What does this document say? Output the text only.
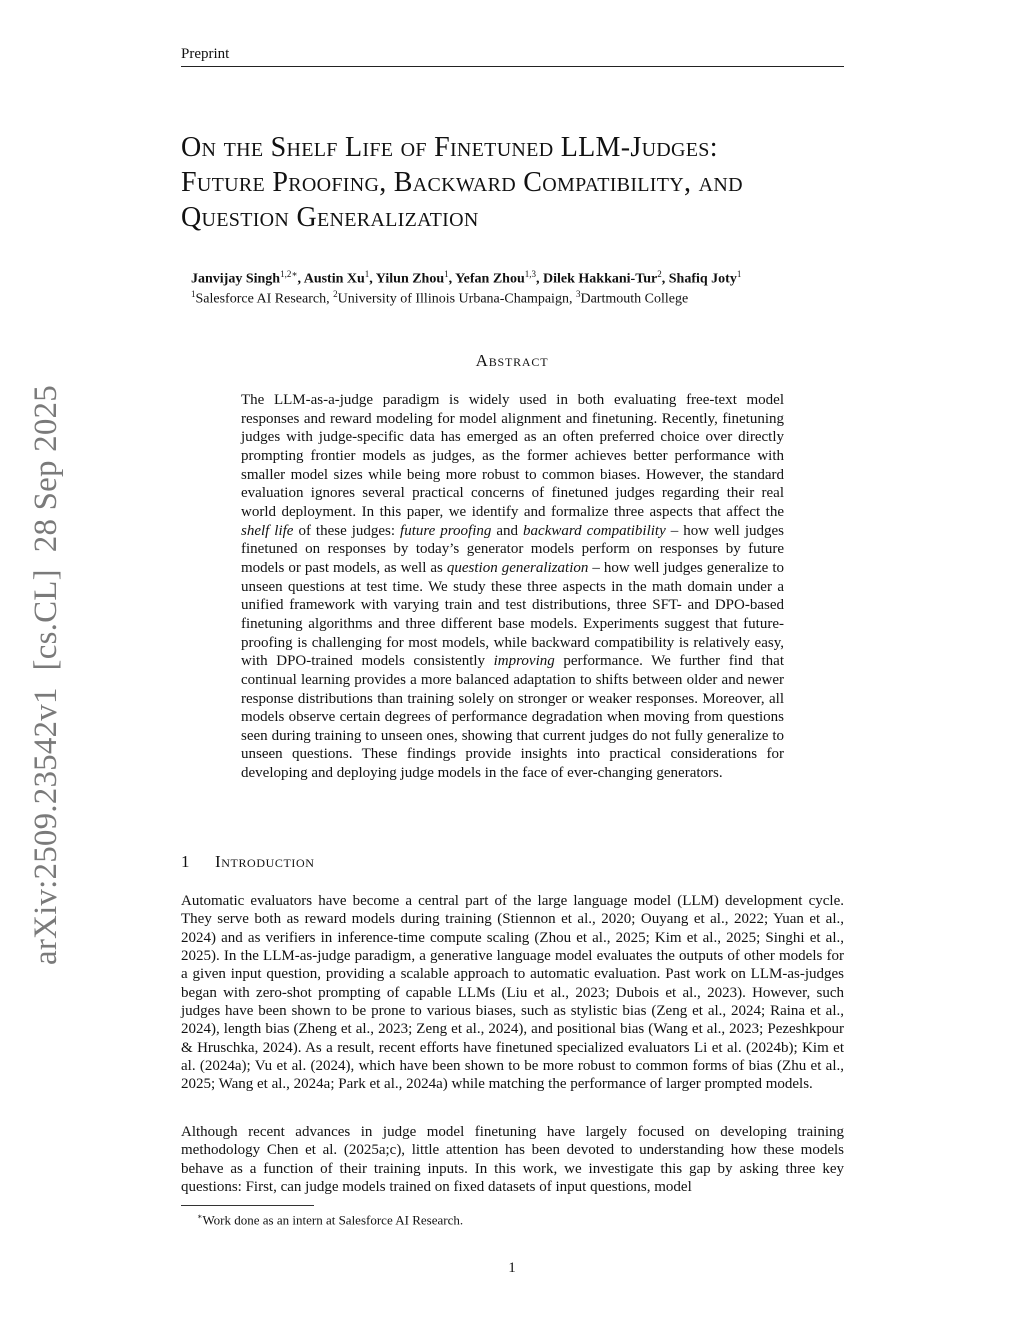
Preprint
arXiv:2509.23542v1  [cs.CL]  28 Sep 2025
On the Shelf Life of Finetuned LLM-Judges:
Future Proofing, Backward Compatibility, and
Question Generalization
Janvijay Singh$^{1,2∗}$, Austin Xu$^1$, Yilun Zhou$^1$, Yefan Zhou$^{1,3}$, Dilek Hakkani-Tur$^2$, Shafiq Joty$^1$
$^1$Salesforce AI Research, $^2$University of Illinois Urbana-Champaign, $^3$Dartmouth College
Abstract
The LLM-as-a-judge paradigm is widely used in both evaluating free-text model responses and reward modeling for model alignment and finetuning. Recently, finetuning judges with judge-specific data has emerged as an often preferred choice over directly prompting frontier models as judges, as the former achieves better performance with smaller model sizes while being more robust to common biases. However, the standard evaluation ignores several practical concerns of finetuned judges regarding their real world deployment. In this paper, we identify and formalize three aspects that affect the shelf life of these judges: future proofing and backward compatibility – how well judges finetuned on responses by today’s generator models perform on responses by future models or past models, as well as question generalization – how well judges generalize to unseen questions at test time. We study these three aspects in the math domain under a unified framework with varying train and test distributions, three SFT- and DPO-based finetuning algorithms and three different base models. Experiments suggest that future-proofing is challenging for most models, while backward compatibility is relatively easy, with DPO-trained models consistently improving performance. We further find that continual learning provides a more balanced adaptation to shifts between older and newer response distributions than training solely on stronger or weaker responses. Moreover, all models observe certain degrees of performance degradation when moving from questions seen during training to unseen ones, showing that current judges do not fully generalize to unseen questions. These findings provide insights into practical considerations for developing and deploying judge models in the face of ever-changing generators.
1 Introduction
Automatic evaluators have become a central part of the large language model (LLM) development cycle. They serve both as reward models during training (Stiennon et al., 2020; Ouyang et al., 2022; Yuan et al., 2024) and as verifiers in inference-time compute scaling (Zhou et al., 2025; Kim et al., 2025; Singhi et al., 2025). In the LLM-as-judge paradigm, a generative language model evaluates the outputs of other models for a given input question, providing a scalable approach to automatic evaluation. Past work on LLM-as-judges began with zero-shot prompting of capable LLMs (Liu et al., 2023; Dubois et al., 2023). However, such judges have been shown to be prone to various biases, such as stylistic bias (Zeng et al., 2024; Raina et al., 2024), length bias (Zheng et al., 2023; Zeng et al., 2024), and positional bias (Wang et al., 2023; Pezeshkpour & Hruschka, 2024). As a result, recent efforts have finetuned specialized evaluators Li et al. (2024b); Kim et al. (2024a); Vu et al. (2024), which have been shown to be more robust to common forms of bias (Zhu et al., 2025; Wang et al., 2024a; Park et al., 2024a) while matching the performance of larger prompted models.
Although recent advances in judge model finetuning have largely focused on developing training methodology Chen et al. (2025a;c), little attention has been devoted to understanding how these models behave as a function of their training inputs. In this work, we investigate this gap by asking three key questions: First, can judge models trained on fixed datasets of input questions, model
∗Work done as an intern at Salesforce AI Research.
1
